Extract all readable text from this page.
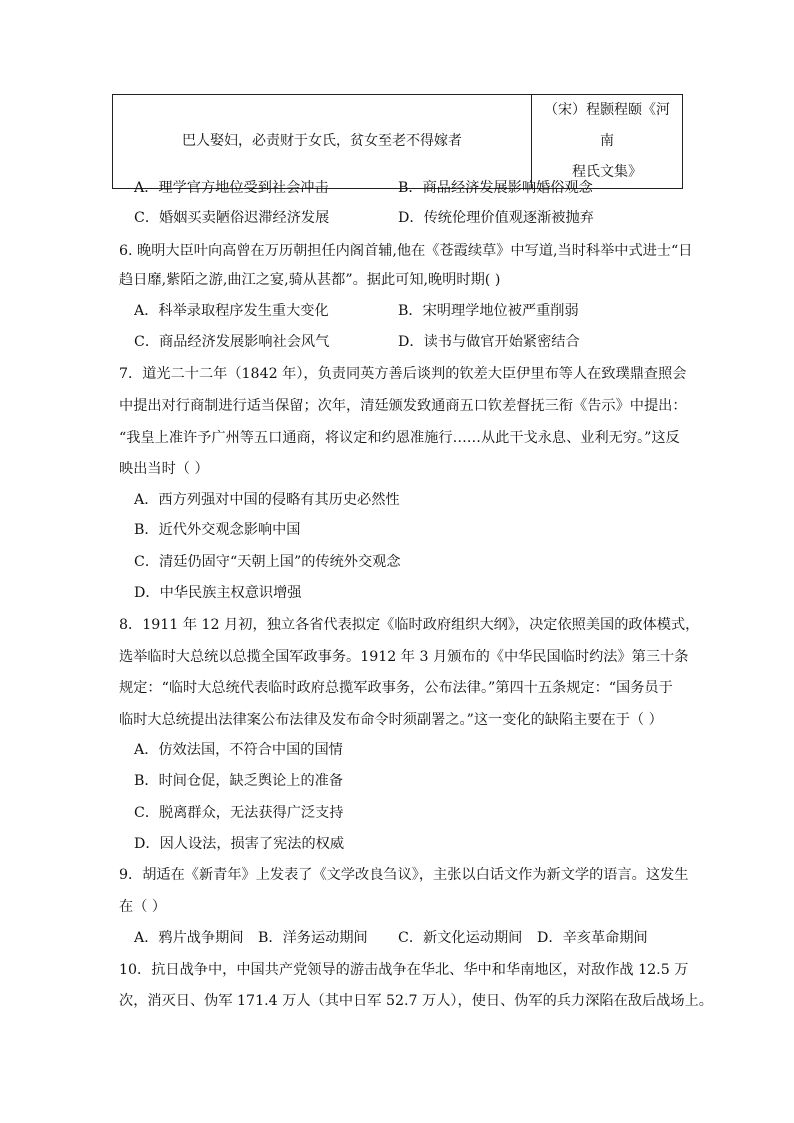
巴人娶妇，必责财于女氏，贫女至老不得嫁者	
（宋）程颢程颐《河南
程氏文集》
A．理学官方地位受到社会冲击	B．商品经济发展影响婚俗观念
C．婚姻买卖陋俗迟滞经济发展	D．传统伦理价值观逐渐被抛弃
6. 晚明大臣叶向高曾在万历朝担任内阁首辅,他在《苍霞续草》中写道,当时科举中式进士“日
趋日靡,紫陌之游,曲江之宴,骑从甚都”。据此可知,晚明时期( )
A．科举录取程序发生重大变化	B．宋明理学地位被严重削弱
C．商品经济发展影响社会风气	D．读书与做官开始紧密结合
7．道光二十二年（1842 年），负责同英方善后谈判的钦差大臣伊里布等人在致璞鼎查照会
中提出对行商制进行适当保留；次年，清廷颁发致通商五口钦差督抚三衔《告示》中提出：
“我皇上准许予广州等五口通商，将议定和约恩准施行……从此干戈永息、业利无穷。”这反
映出当时（ ）
A．西方列强对中国的侵略有其历史必然性
B．近代外交观念影响中国
C．清廷仍固守“天朝上国”的传统外交观念
D．中华民族主权意识增强
8．1911 年 12 月初，独立各省代表拟定《临时政府组织大纲》，决定依照美国的政体模式，
选举临时大总统以总揽全国军政事务。1912 年 3 月颁布的《中华民国临时约法》第三十条
规定：“临时大总统代表临时政府总揽军政事务，公布法律。”第四十五条规定：“国务员于
临时大总统提出法律案公布法律及发布命令时须副署之。”这一变化的缺陷主要在于（ ）
A．仿效法国，不符合中国的国情
B．时间仓促，缺乏舆论上的准备
C．脱离群众，无法获得广泛支持
D．因人设法，损害了宪法的权威
9．胡适在《新青年》上发表了《文学改良刍议》，主张以白话文作为新文学的语言。这发生
在（ ）
A．鸦片战争期间 B．洋务运动期间 C．新文化运动期间 D．辛亥革命期间
10．抗日战争中，中国共产党领导的游击战争在华北、华中和华南地区，对敌作战 12.5 万
次，消灭日、伪军 171.4 万人（其中日军 52.7 万人），使日、伪军的兵力深陷在敌后战场上。
